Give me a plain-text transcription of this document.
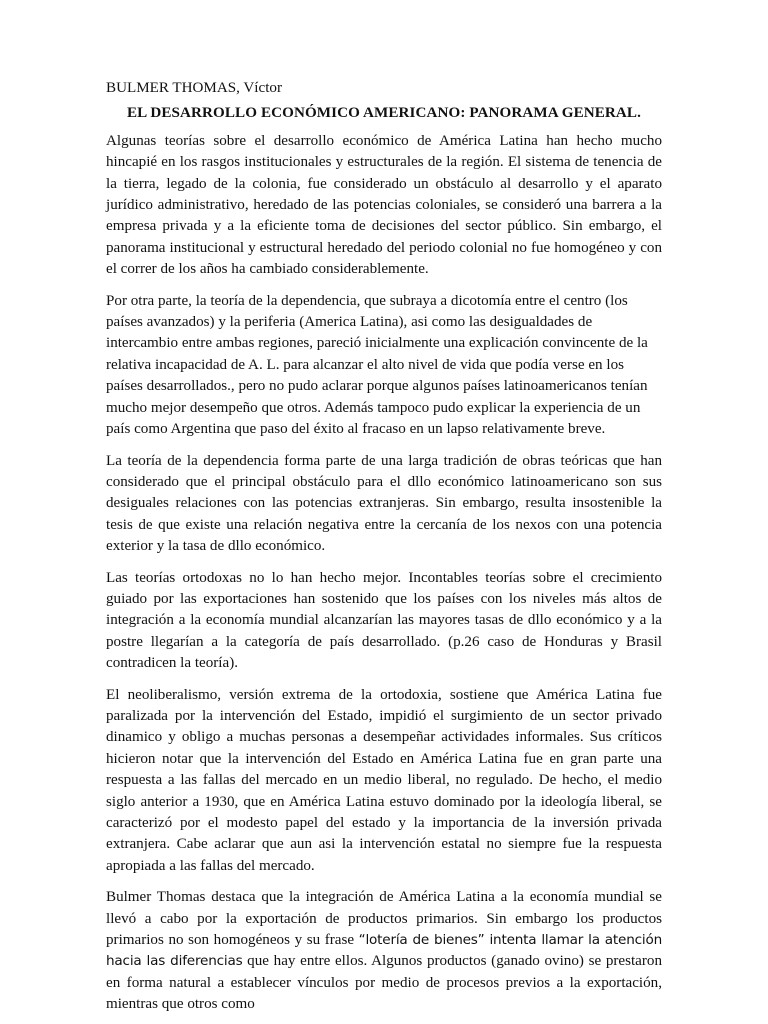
BULMER THOMAS, Víctor

EL DESARROLLO ECONÓMICO AMERICANO: PANORAMA GENERAL.

Algunas teorías sobre el desarrollo económico de América Latina han hecho mucho hincapié en los rasgos institucionales y estructurales de la región. El sistema de tenencia de la tierra, legado de la colonia, fue considerado un obstáculo al desarrollo y el aparato jurídico administrativo, heredado de las potencias coloniales, se consideró una barrera a la empresa privada y a la eficiente toma de decisiones del sector público. Sin embargo, el panorama institucional y estructural heredado del periodo colonial no fue homogéneo y con el correr de los años ha cambiado considerablemente.

Por otra parte, la teoría de la dependencia, que subraya a dicotomía entre el centro (los países avanzados) y la periferia (America Latina), asi como las desigualdades de intercambio entre ambas regiones, pareció inicialmente una explicación convincente de la relativa incapacidad de A. L. para alcanzar el alto nivel de vida que podía verse en los países desarrollados., pero no pudo aclarar porque algunos países latinoamericanos tenían mucho mejor desempeño que otros. Además tampoco pudo explicar la experiencia de un país como Argentina que paso del éxito al fracaso en un lapso relativamente breve.

La teoría de la dependencia forma parte de una larga tradición de obras teóricas que han considerado que el principal obstáculo para el dllo económico latinoamericano son sus desiguales relaciones con las potencias extranjeras. Sin embargo, resulta insostenible la tesis de que existe una relación negativa entre la cercanía de los nexos con una potencia exterior y la tasa de dllo económico.

Las teorías ortodoxas no lo han hecho mejor. Incontables teorías sobre el crecimiento guiado por las exportaciones han sostenido que los países con los niveles más altos de integración a la economía mundial alcanzarían las mayores tasas de dllo económico y a la postre llegarían a la categoría de país desarrollado. (p.26 caso de Honduras y Brasil contradicen la teoría).

El neoliberalismo, versión extrema de la ortodoxia, sostiene que América Latina fue paralizada por la intervención del Estado, impidió el surgimiento de un sector privado dinamico y obligo a muchas personas a desempeñar actividades informales. Sus críticos hicieron notar que la intervención del Estado en América Latina fue en gran parte una respuesta a las fallas del mercado en un medio liberal, no regulado. De hecho, el medio siglo anterior a 1930, que en América Latina estuvo dominado por la ideología liberal, se caracterizó por el modesto papel del estado y la importancia de la inversión privada extranjera. Cabe aclarar que aun asi la intervención estatal no siempre fue la respuesta apropiada a las fallas del mercado.

Bulmer Thomas destaca que la integración de América Latina a la economía mundial se llevó a cabo por la exportación de productos primarios. Sin embargo los productos primarios no son homogéneos y su frase “lotería de bienes” intenta llamar la atención hacia las diferencias que hay entre ellos. Algunos productos (ganado ovino) se prestaron en forma natural a establecer vínculos por medio de procesos previos a la exportación, mientras que otros como
